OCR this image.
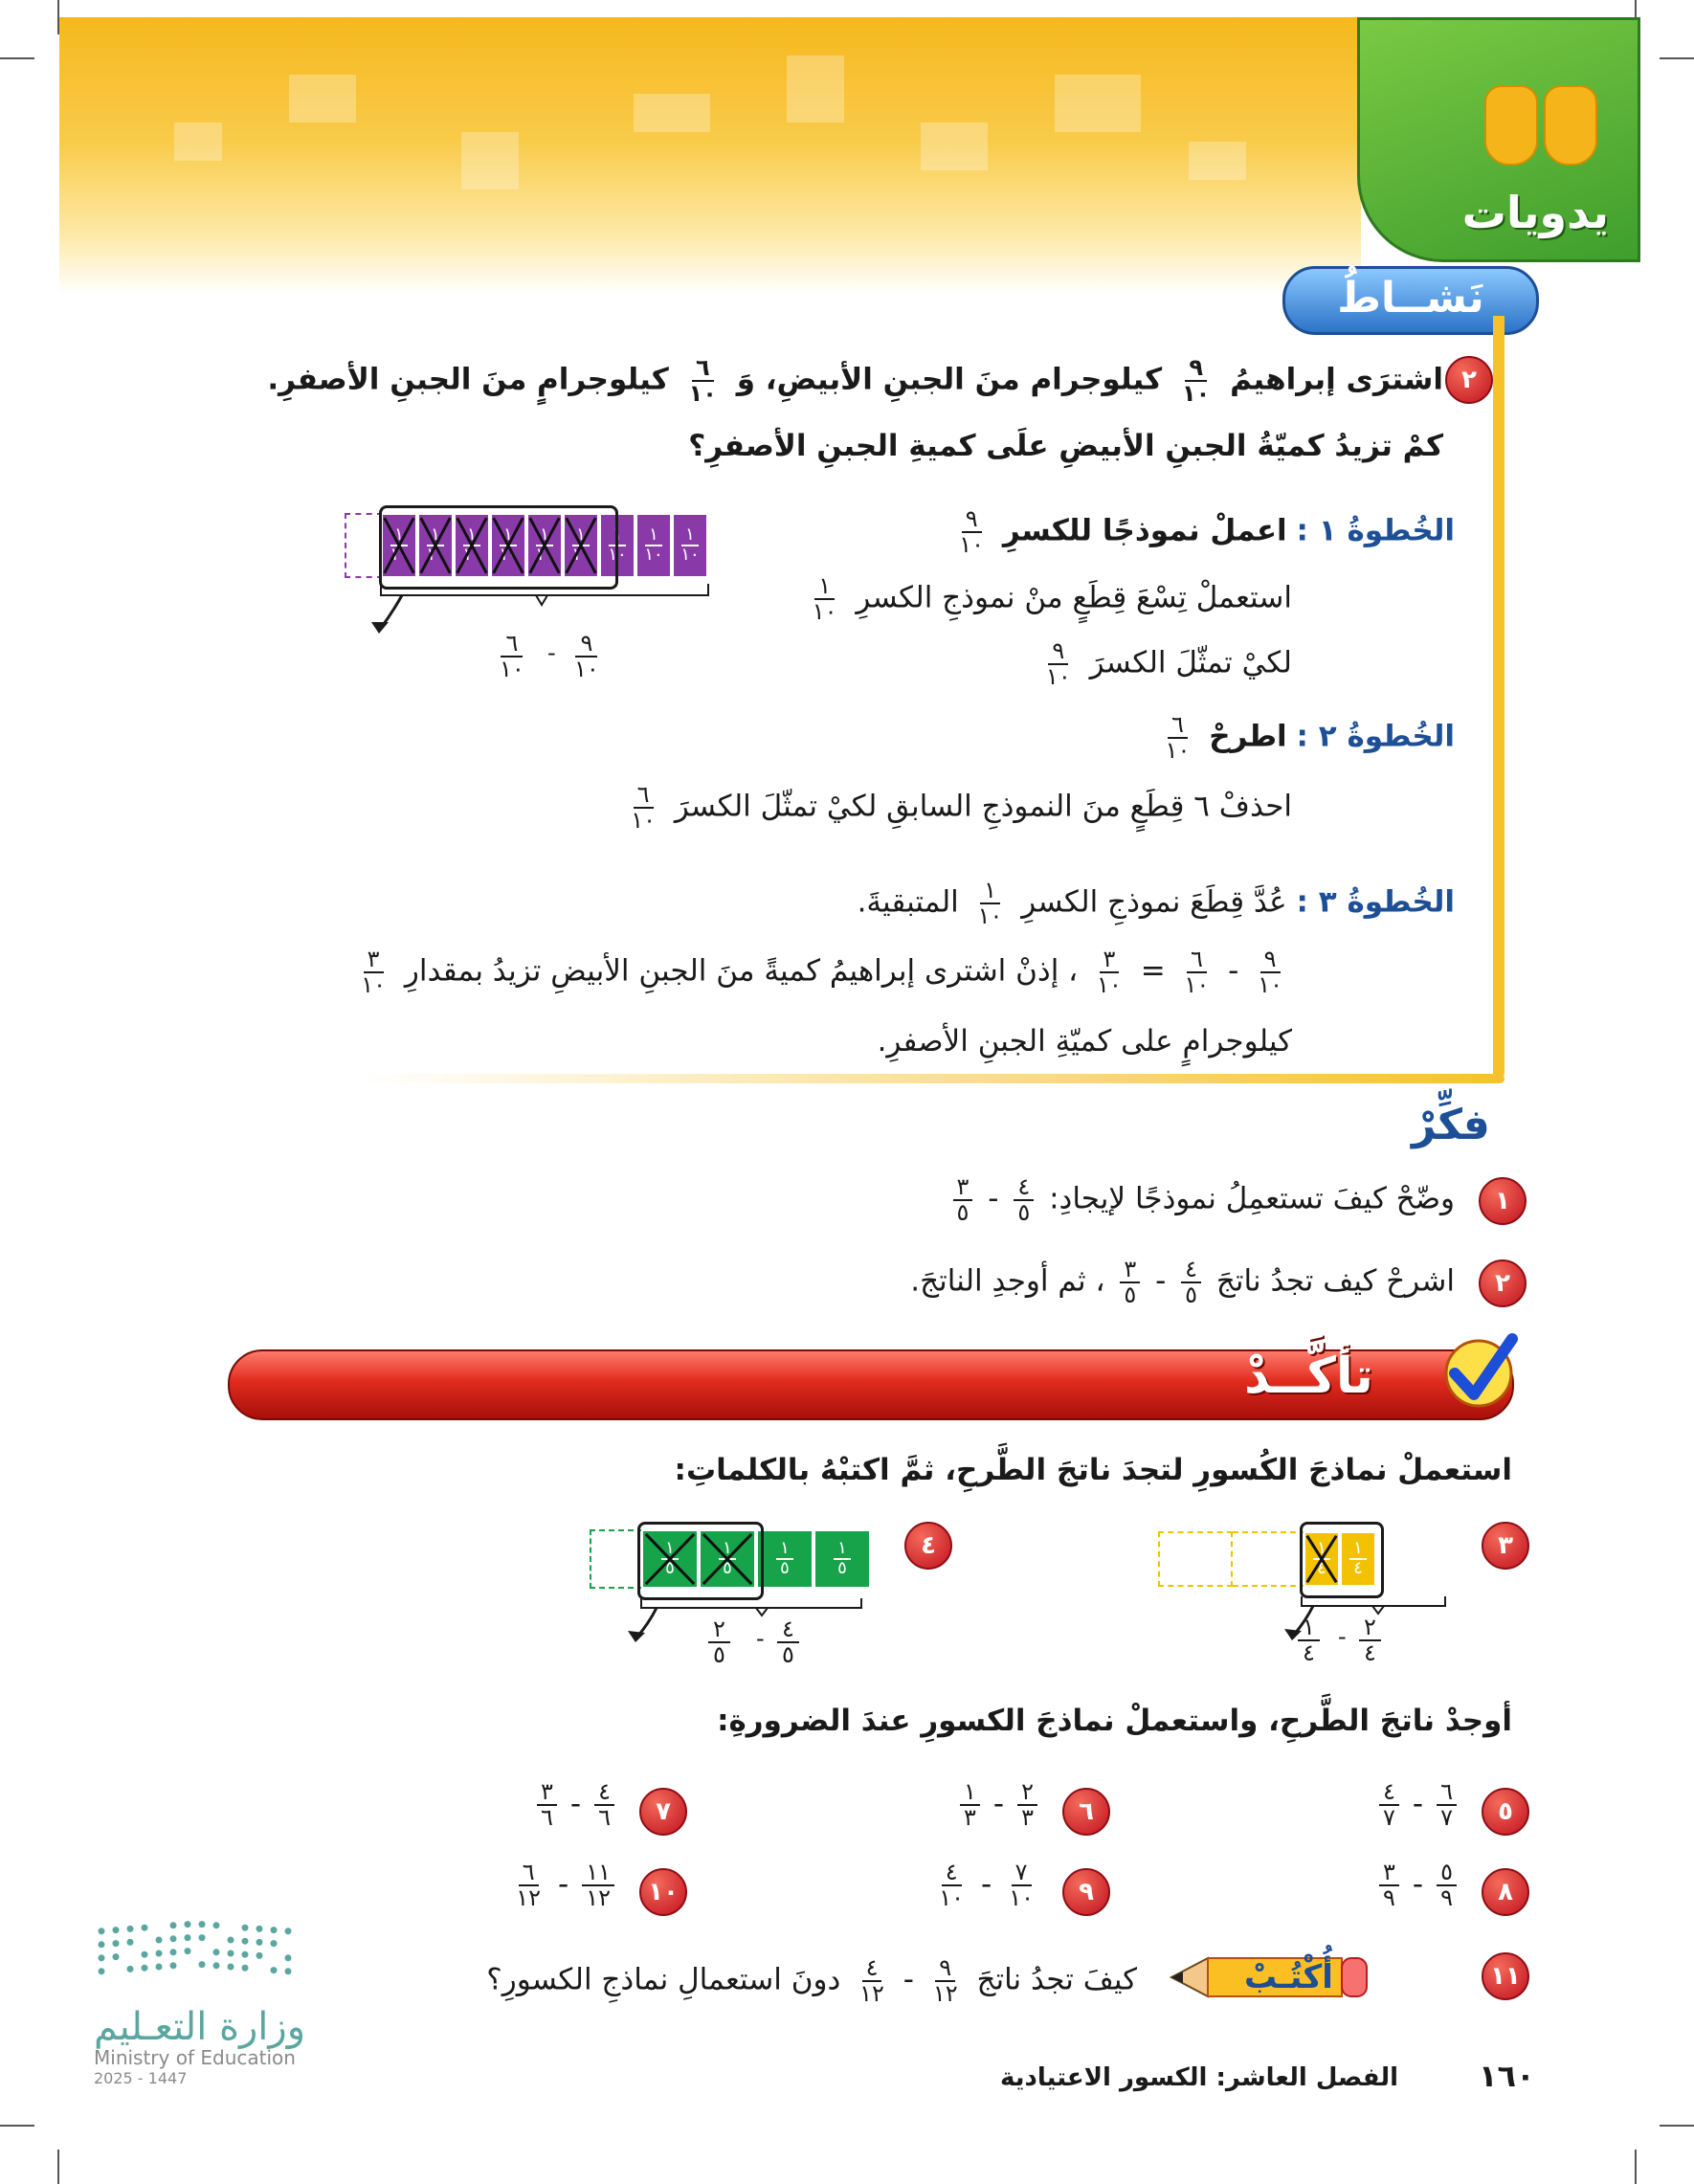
يدويات
نَشــاطُ
٢
اشترَى إبراهيمُ
$\frac{٩}{١٠}$
كيلوجرام منَ الجبنِ الأبيضِ، وَ
$\frac{٦}{١٠}$
كيلوجرامٍ منَ الجبنِ الأصفرِ.
كمْ تزيدُ كميّةُ الجبنِ الأبيضِ علَى كميةِ الجبنِ الأصفرِ؟
الخُطوةُ ١ : اعملْ نموذجًا للكسرِ
$\frac{٩}{١٠}$
استعملْ تِسْعَ قِطَعٍ منْ نموذجِ الكسرِ
$\frac{١}{١٠}$
لكيْ تمثّلَ الكسرَ
$\frac{٩}{١٠}$
الخُطوةُ ٢ : اطرحْ
$\frac{٦}{١٠}$
احذفْ ٦ قِطَعٍ منَ النموذجِ السابقِ لكيْ تمثّلَ الكسرَ
$\frac{٦}{١٠}$
الخُطوةُ ٣ : عُدَّ قِطَعَ نموذجِ الكسرِ
$\frac{١}{١٠}$
المتبقيةَ.
$\frac{٩}{١٠}$
-
$\frac{٦}{١٠}$
=
$\frac{٣}{١٠}$
، إذنْ اشترى إبراهيمُ كميةً منَ الجبنِ الأبيضِ تزيدُ بمقدارِ
$\frac{٣}{١٠}$
كيلوجرامٍ على كميّةِ الجبنِ الأصفرِ.
$\frac{١}{١٠} \frac{١}{١٠} \frac{١}{١٠} \frac{١}{١٠} \frac{١}{١٠} \frac{١}{١٠} \frac{١}{١٠} \frac{١}{١٠} \frac{١}{١٠}$
٩
١٠
-
٦
١٠
فكِّرْ
١
وضّحْ كيفَ تستعمِلُ نموذجًا لإيجادِ:
$\frac{٤}{٥}$
-
$\frac{٣}{٥}$
٢
اشرحْ كيف تجدُ ناتجَ
$\frac{٤}{٥}$
-
$\frac{٣}{٥}$
، ثم أوجدِ الناتجَ.
تأكَّــدْ
استعملْ نماذجَ الكُسورِ لتجدَ ناتجَ الطَّرحِ، ثمَّ اكتبْهُ بالكلماتِ:
٣
$\frac{١}{٤} \frac{١}{٤}$
٢
٤
-
١
٤
٤
$\frac{١}{٥} \frac{١}{٥} \frac{١}{٥} \frac{١}{٥}$
٤
٥
-
٢
٥
أوجدْ ناتجَ الطَّرحِ، واستعملْ نماذجَ الكسورِ عندَ الضرورةِ:
٥
$\frac{٦}{٧}$
-
$\frac{٤}{٧}$
٦
$\frac{٢}{٣}$
-
$\frac{١}{٣}$
٧
$\frac{٤}{٦}$
-
$\frac{٣}{٦}$
٨
$\frac{٥}{٩}$
-
$\frac{٣}{٩}$
٩
$\frac{٧}{١٠}$
-
$\frac{٤}{١٠}$
١٠
$\frac{١١}{١٢}$
-
$\frac{٦}{١٢}$
١١
أُكْتُـبْ
كيفَ تجدُ ناتجَ
$\frac{٩}{١٢}$
-
$\frac{٤}{١٢}$
دونَ استعمالِ نماذجِ الكسورِ؟
وزارة التعـليم
Ministry of Education
2025 - 1447	الفصل العاشر: الكسور الاعتيادية	١٦٠
